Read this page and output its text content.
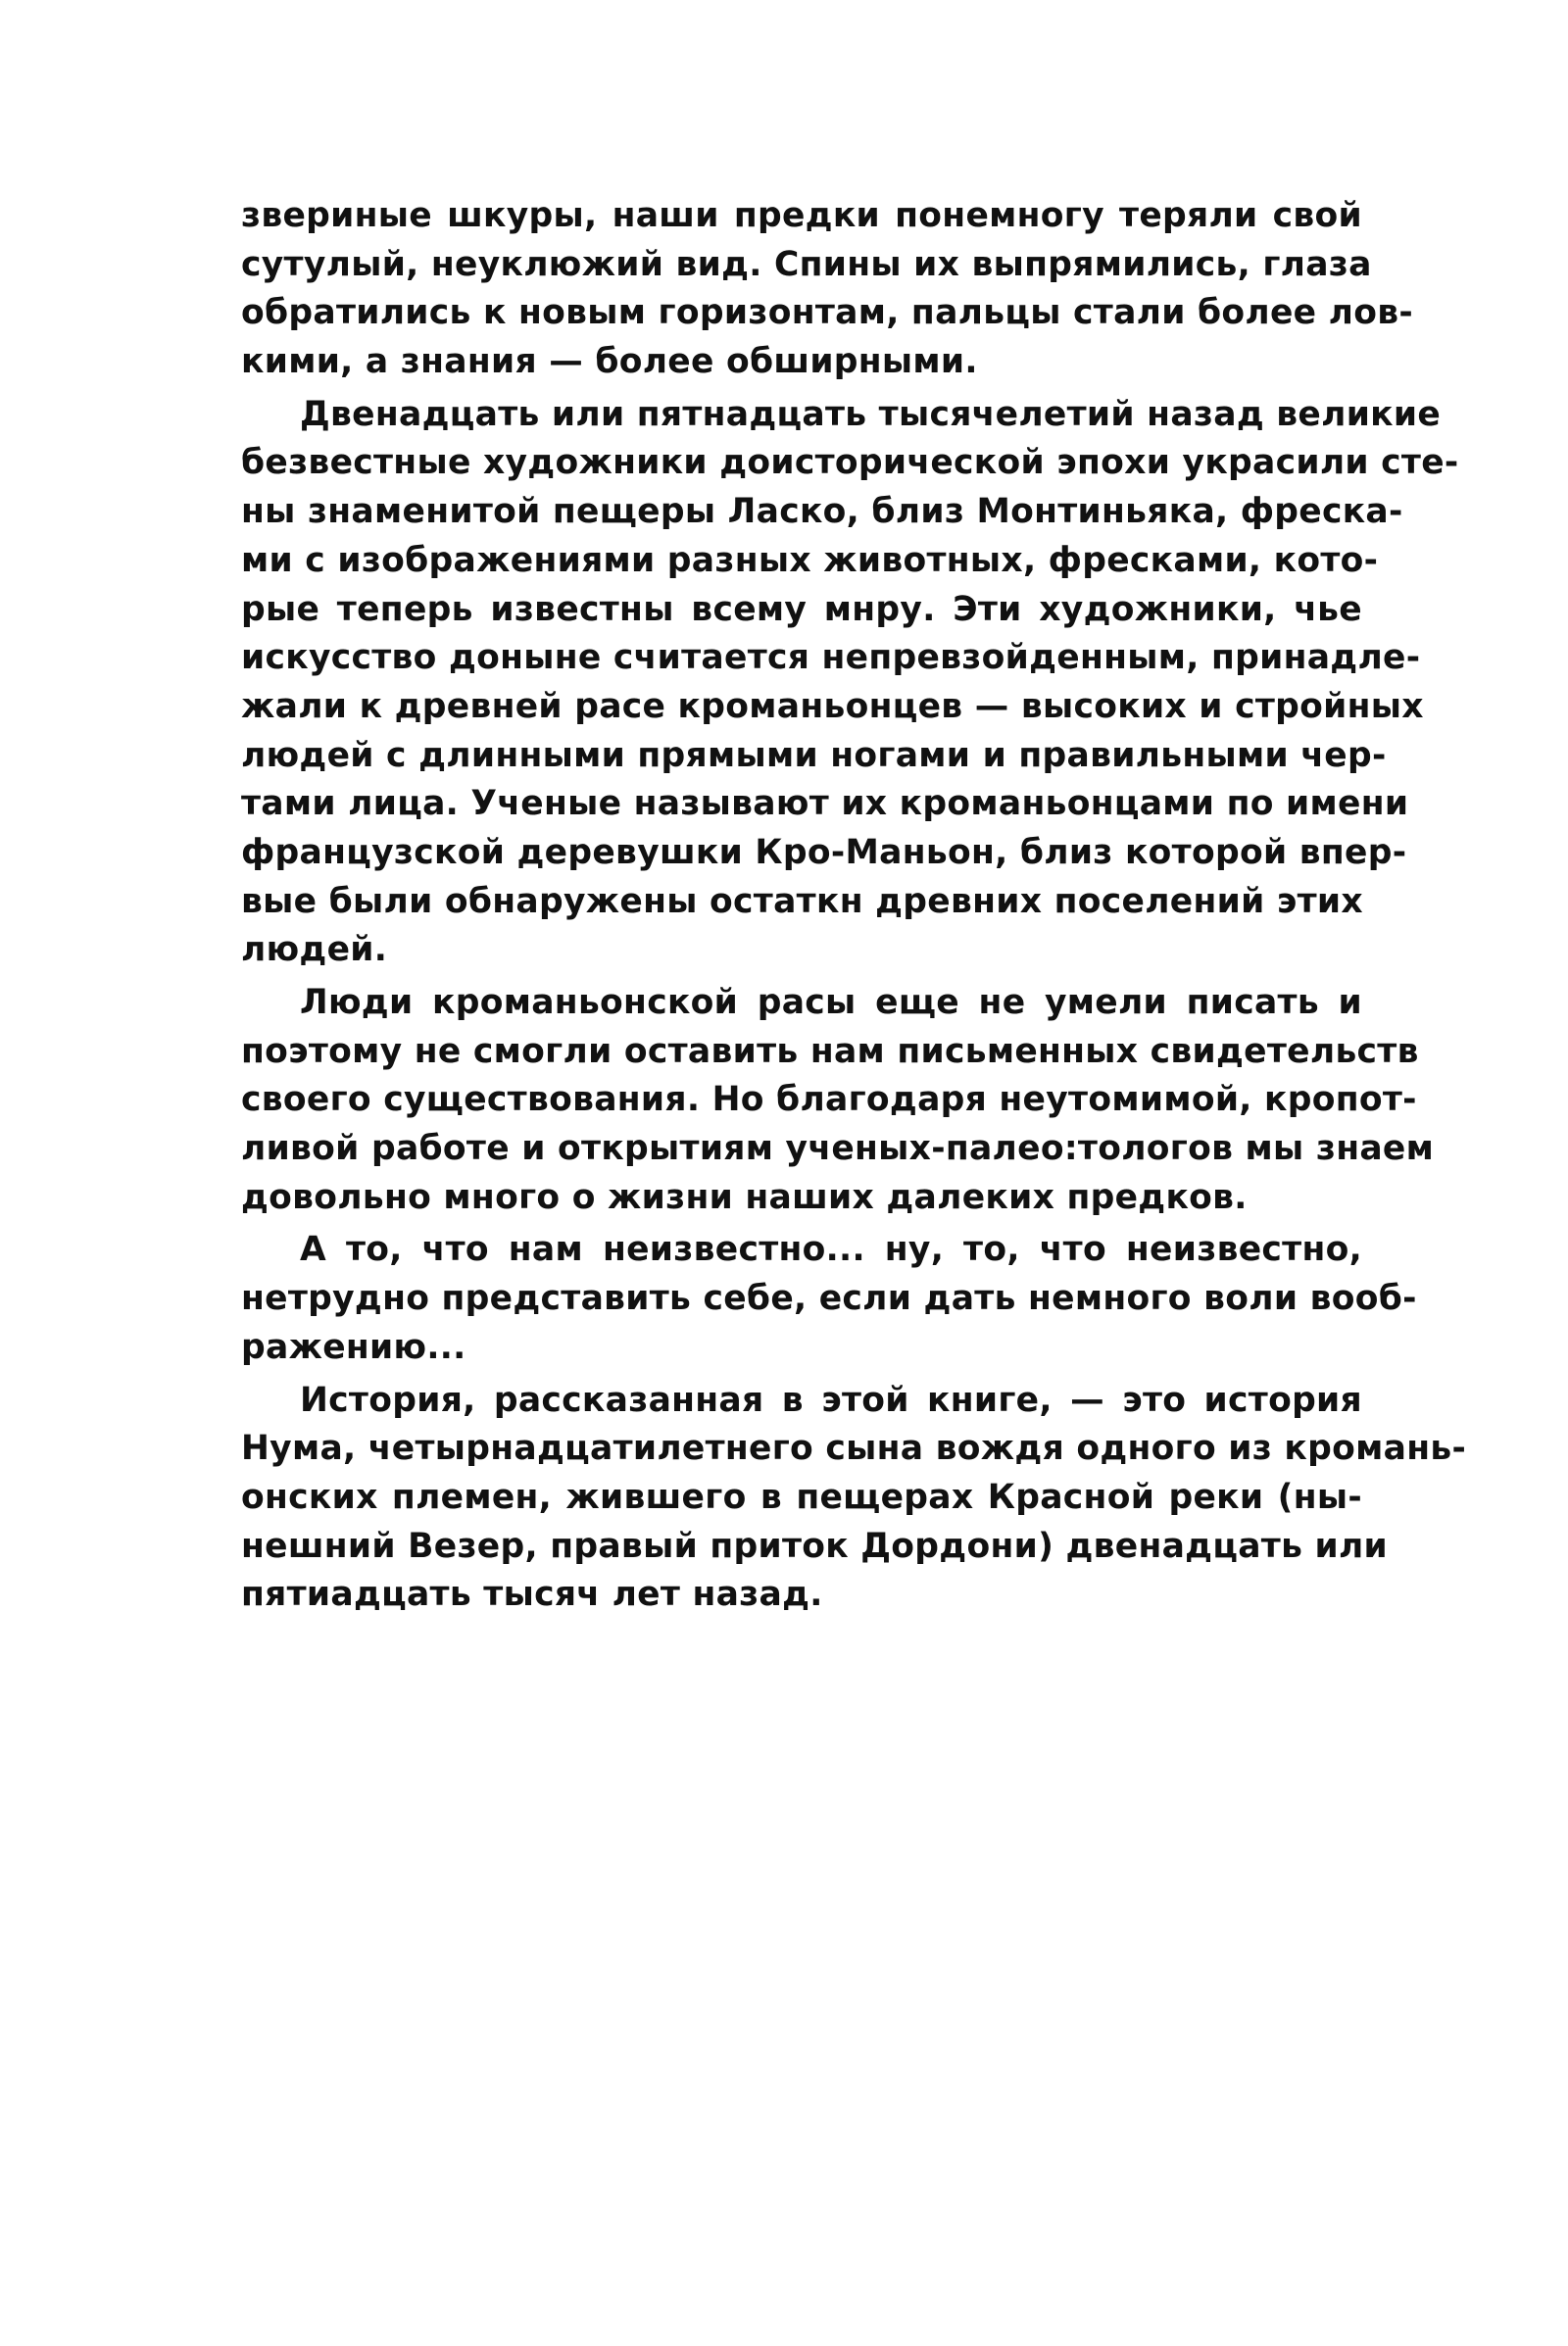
звериные шкуры, наши предки понемногу теряли свой
сутулый, неуклюжий вид. Спины их выпрямились, глаза
обратились к новым горизонтам, пальцы стали более лов-
кими, а знания — более обширными.
Двенадцать или пятнадцать тысячелетий назад великие
безвестные художники доисторической эпохи украсили сте-
ны знаменитой пещеры Ласко, близ Монтиньяка, фреска-
ми с изображениями разных животных, фресками, кото-
рые теперь известны всему мнру. Эти художники, чье
искусство доныне считается непревзойденным, принадле-
жали к древней расе кроманьонцев — высоких и стройных
людей с длинными прямыми ногами и правильными чер-
тами лица. Ученые называют их кроманьонцами по имени
французской деревушки Кро-Маньон, близ которой впер-
вые были обнаружены остаткн древних поселений этих
людей.
Люди кроманьонской расы еще не умели писать и
поэтому не смогли оставить нам письменных свидетельств
своего существования. Но благодаря неутомимой, кропот-
ливой работе и открытиям ученых-палео:тологов мы знаем
довольно много о жизни наших далеких предков.
А то, что нам неизвестно... ну, то, что неизвестно,
нетрудно представить себе, если дать немного воли вооб-
ражению...
История, рассказанная в этой книге, — это история
Нума, четырнадцатилетнего сына вождя одного из кромань-
онских племен, жившего в пещерах Красной реки (ны-
нешний Везер, правый приток Дордони) двенадцать или
пятиадцать тысяч лет назад.
